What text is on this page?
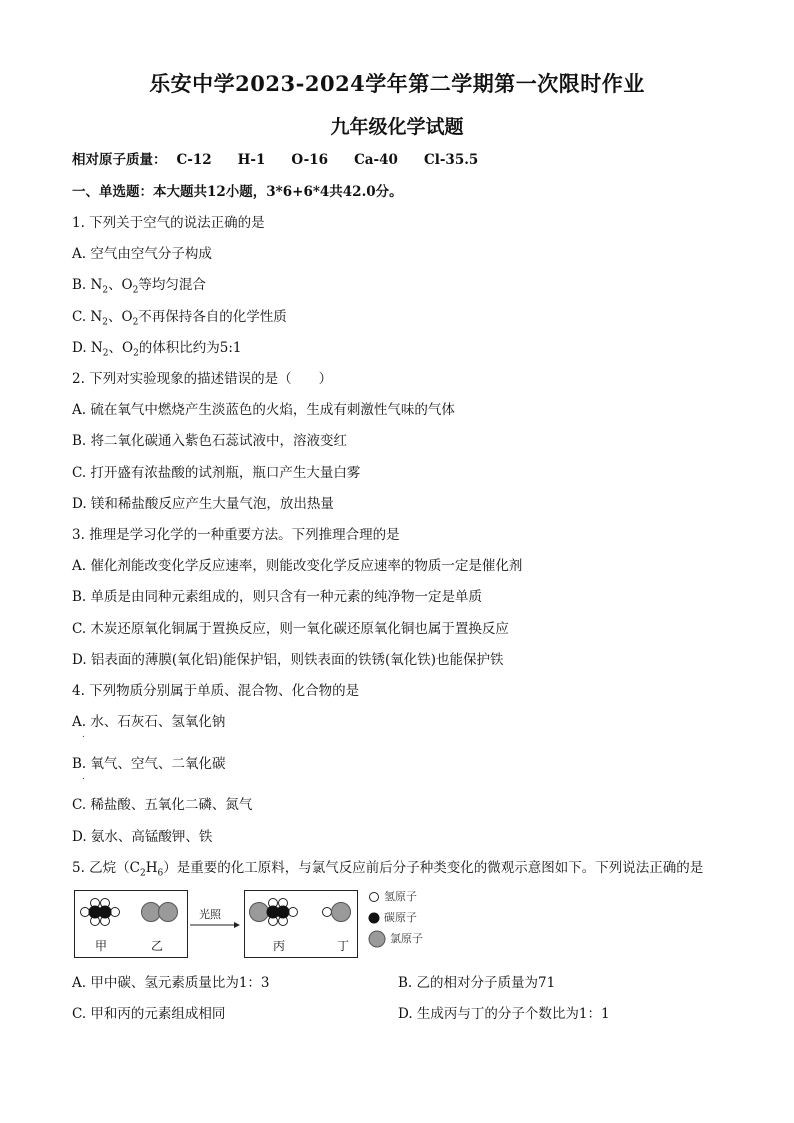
乐安中学2023-2024学年第二学期第一次限时作业
九年级化学试题
相对原子质量： C-12 H-1 O-16 Ca-40 Cl-35.5
一、单选题：本大题共12小题，3*6+6*4共42.0分。
1. 下列关于空气的说法正确的是
A. 空气由空气分子构成
B. $N_2$、$O_2$等均匀混合
C. $N_2$、$O_2$不再保持各自的化学性质
D. $N_2$、$O_2$的体积比约为5:1
2. 下列对实验现象的描述错误的是（　　）
A. 硫在氧气中燃烧产生淡蓝色的火焰，生成有刺激性气味的气体
B. 将二氧化碳通入紫色石蕊试液中，溶液变红
C. 打开盛有浓盐酸的试剂瓶，瓶口产生大量白雾
D. 镁和稀盐酸反应产生大量气泡，放出热量
3. 推理是学习化学的一种重要方法。下列推理合理的是
A. 催化剂能改变化学反应速率，则能改变化学反应速率的物质一定是催化剂
B. 单质是由同种元素组成的，则只含有一种元素的纯净物一定是单质
C. 木炭还原氧化铜属于置换反应，则一氧化碳还原氧化铜也属于置换反应
D. 铝表面的薄膜(氧化铝)能保护铝，则铁表面的铁锈(氧化铁)也能保护铁
4. 下列物质分别属于单质、混合物、化合物的是
A. 水、石灰石、氢氧化钠
.
B. 氧气、空气、二氧化碳
.
C. 稀盐酸、五氧化二磷、氮气
D. 氨水、高锰酸钾、铁
5. 乙烷$(C_2H_6)$是重要的化工原料，与氯气反应前后分子种类变化的微观示意图如下。下列说法正确的是
甲	乙
光照
丙	丁
氢原子
碳原子
氯原子
A. 甲中碳、氢元素质量比为1：3	B. 乙的相对分子质量为71
C. 甲和丙的元素组成相同	D. 生成丙与丁的分子个数比为1：1
